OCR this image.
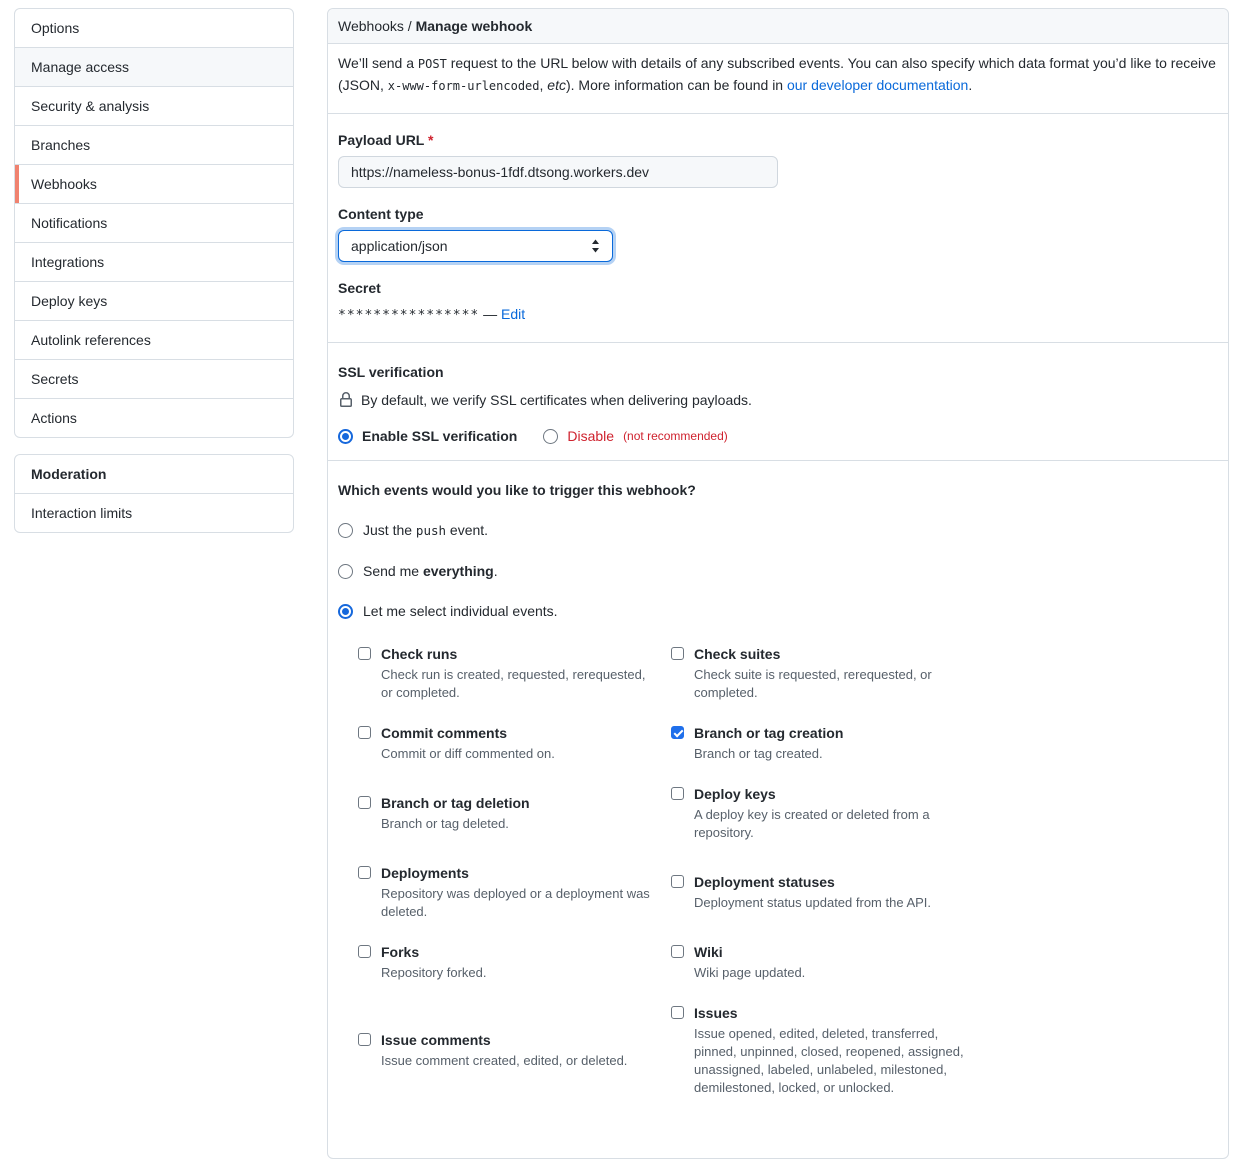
Options
Manage access
Security & analysis
Branches
Webhooks
Notifications
Integrations
Deploy keys
Autolink references
Secrets
Actions
Moderation
Interaction limits
Webhooks / Manage webhook
We’ll send a POST request to the URL below with details of any subscribed events. You can also specify which data format you’d like to receive (JSON, x-www-form-urlencoded, etc). More information can be found in our developer documentation.
Payload URL *
https://nameless-bonus-1fdf.dtsong.workers.dev
Content type
application/json
Secret

**************** — Edit

SSL verification

By default, we verify SSL certificates when delivering payloads.

Enable SSL verification	Disable (not recommended)
Which events would you like to trigger this webhook?
Just the push event.
Send me everything.
Let me select individual events.
Check runs
Check run is created, requested, rerequested, or completed.
Check suites
Check suite is requested, rerequested, or completed.
Commit comments
Commit or diff commented on.
Branch or tag creation
Branch or tag created.
Branch or tag deletion
Branch or tag deleted.
Deploy keys
A deploy key is created or deleted from a repository.
Deployments
Repository was deployed or a deployment was deleted.
Deployment statuses
Deployment status updated from the API.
Forks
Repository forked.
Wiki
Wiki page updated.
Issue comments
Issue comment created, edited, or deleted.
Issues
Issue opened, edited, deleted, transferred, pinned, unpinned, closed, reopened, assigned, unassigned, labeled, unlabeled, milestoned, demilestoned, locked, or unlocked.
